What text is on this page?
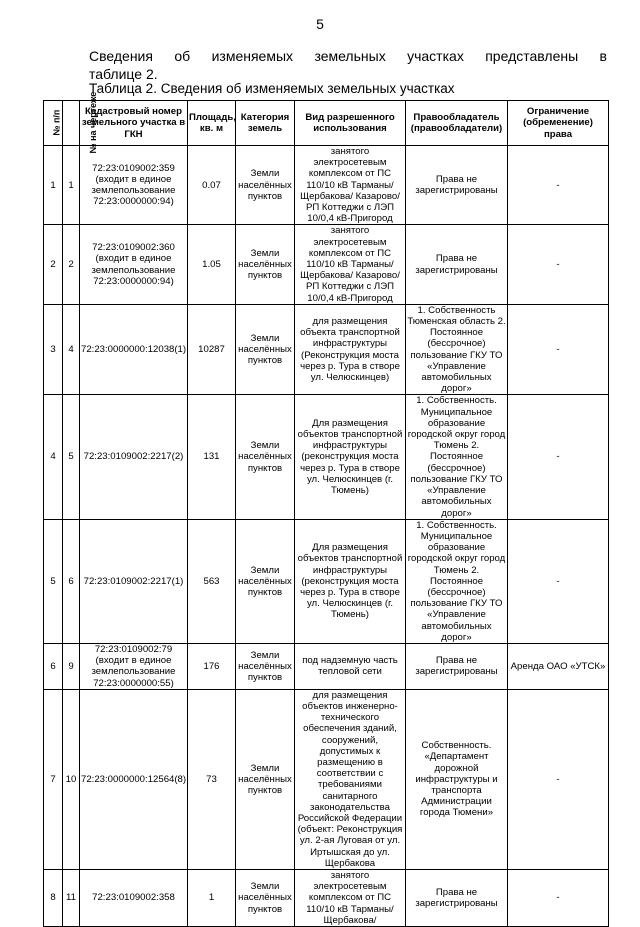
5
Сведения об изменяемых земельных участках представлены в
таблице 2.
Таблица 2. Сведения об изменяемых земельных участках
№ п/п	№ на чертеже	Кадастровый номер земельного участка в ГКН	Площадь, кв. м	Категория земель	Вид разрешенного использования	Правообладатель (правообладатели)	Ограничение (обременение) права
1	1	72:23:0109002:359 (входит в единое землепользование 72:23:0000000:94)	0.07	Земли населённых пунктов	занятого электросетевым комплексом от ПС 110/10 кВ Тарманы/Щербакова/ Казарово/ РП Коттеджи с ЛЭП 10/0,4 кВ-Пригород	Права не зарегистрированы	-
2	2	72:23:0109002:360 (входит в единое землепользование 72:23:0000000:94)	1.05	Земли населённых пунктов	занятого электросетевым комплексом от ПС 110/10 кВ Тарманы/Щербакова/ Казарово/ РП Коттеджи с ЛЭП 10/0,4 кВ-Пригород	Права не зарегистрированы	-
3	4	72:23:0000000:12038(1)	10287	Земли населённых пунктов	для размещения объекта транспортной инфраструктуры (Реконструкция моста через р. Тура в створе ул. Челюскинцев)	1. Собственность Тюменская область 2. Постоянное (бессрочное) пользование ГКУ ТО «Управление автомобильных дорог»	-
4	5	72:23:0109002:2217(2)	131	Земли населённых пунктов	Для размещения объектов транспортной инфраструктуры (реконструкция моста через р. Тура в створе ул. Челюскинцев (г. Тюмень)	1. Собственность. Муниципальное образование городской округ город Тюмень 2. Постоянное (бессрочное) пользование ГКУ ТО «Управление автомобильных дорог»	-
5	6	72:23:0109002:2217(1)	563	Земли населённых пунктов	Для размещения объектов транспортной инфраструктуры (реконструкция моста через р. Тура в створе ул. Челюскинцев (г. Тюмень)	1. Собственность. Муниципальное образование городской округ город Тюмень 2. Постоянное (бессрочное) пользование ГКУ ТО «Управление автомобильных дорог»	-
6	9	72:23:0109002:79 (входит в единое землепользование 72:23:0000000:55)	176	Земли населённых пунктов	под надземную часть тепловой сети	Права не зарегистрированы	Аренда ОАО «УТСК»
7	10	72:23:0000000:12564(8)	73	Земли населённых пунктов	для размещения объектов инженерно-технического обеспечения зданий, сооружений, допустимых к размещению в соответствии с требованиями санитарного законодательства Российской Федерации (объект: Реконструкция ул. 2-ая Луговая от ул. Иртышская до ул. Щербакова	Собственность. «Департамент дорожной инфраструктуры и транспорта Администрации города Тюмени»	-
8	11	72:23:0109002:358	1	Земли населённых пунктов	занятого электросетевым комплексом от ПС 110/10 кВ Тарманы/Щербакова/	Права не зарегистрированы	-
